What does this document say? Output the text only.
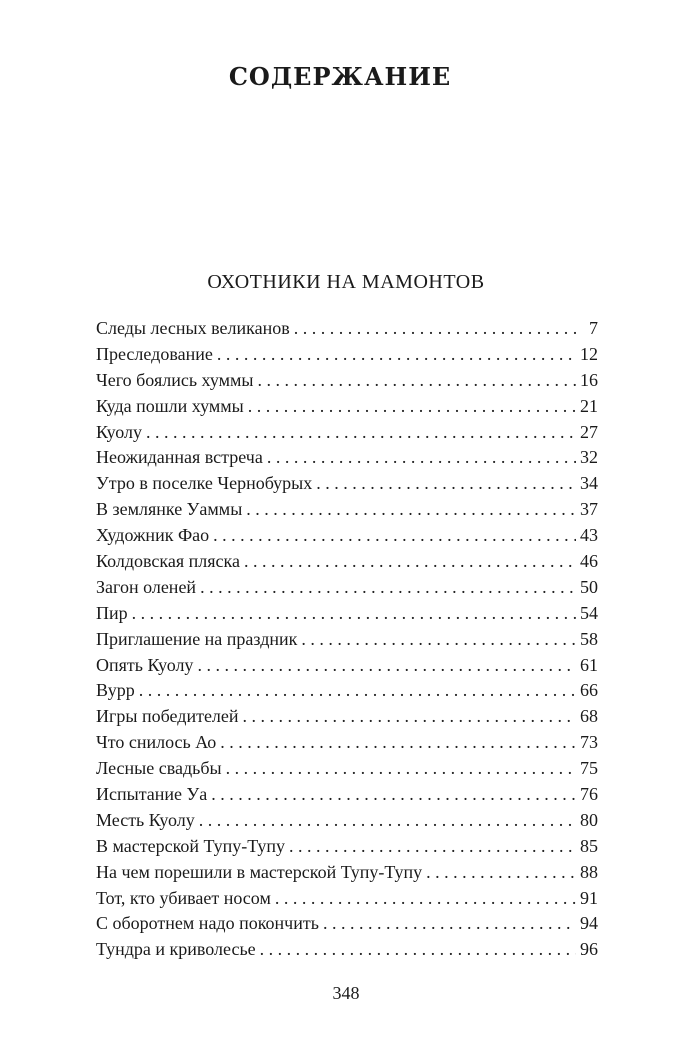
СОДЕРЖАНИЕ
ОХОТНИКИ НА МАМОНТОВ
Следы лесных великанов . . .	7
Преследование . . .	12
Чего боялись хуммы . . .	16
Куда пошли хуммы . . .	21
Куолу . . .	27
Неожиданная встреча . . .	32
Утро в поселке Чернобурых . . .	34
В землянке Уаммы . . .	37
Художник Фао . . .	43
Колдовская пляска . . .	46
Загон оленей . . .	50
Пир . . .	54
Приглашение на праздник . . .	58
Опять Куолу . . .	61
Вурр . . .	66
Игры победителей . . .	68
Что снилось Ао . . .	73
Лесные свадьбы . . .	75
Испытание Уа . . .	76
Месть Куолу . . .	80
В мастерской Тупу-Тупу . . .	85
На чем порешили в мастерской Тупу-Тупу . . .	88
Тот, кто убивает носом . . .	91
С оборотнем надо покончить . . .	94
Тундра и криволесье . . .	96
348
